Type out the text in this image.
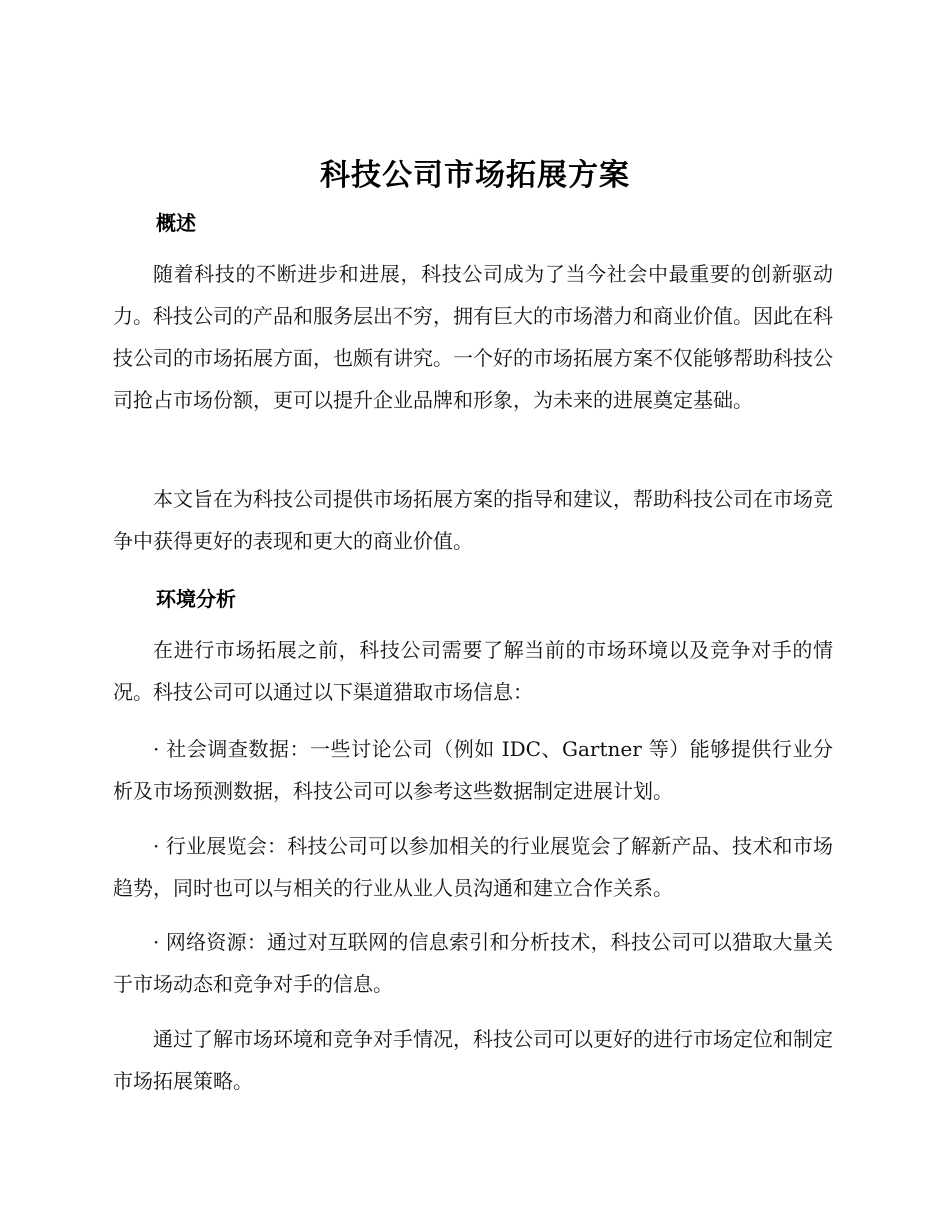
科技公司市场拓展方案
概述

随着科技的不断进步和进展，科技公司成为了当今社会中最重要的创新驱动力。科技公司的产品和服务层出不穷，拥有巨大的市场潜力和商业价值。因此在科技公司的市场拓展方面，也颇有讲究。一个好的市场拓展方案不仅能够帮助科技公司抢占市场份额，更可以提升企业品牌和形象，为未来的进展奠定基础。

本文旨在为科技公司提供市场拓展方案的指导和建议，帮助科技公司在市场竞争中获得更好的表现和更大的商业价值。

环境分析

在进行市场拓展之前，科技公司需要了解当前的市场环境以及竞争对手的情况。科技公司可以通过以下渠道猎取市场信息：

· 社会调查数据：一些讨论公司（例如 IDC、Gartner 等）能够提供行业分析及市场预测数据，科技公司可以参考这些数据制定进展计划。

· 行业展览会：科技公司可以参加相关的行业展览会了解新产品、技术和市场趋势，同时也可以与相关的行业从业人员沟通和建立合作关系。

· 网络资源：通过对互联网的信息索引和分析技术，科技公司可以猎取大量关于市场动态和竞争对手的信息。

通过了解市场环境和竞争对手情况，科技公司可以更好的进行市场定位和制定市场拓展策略。
